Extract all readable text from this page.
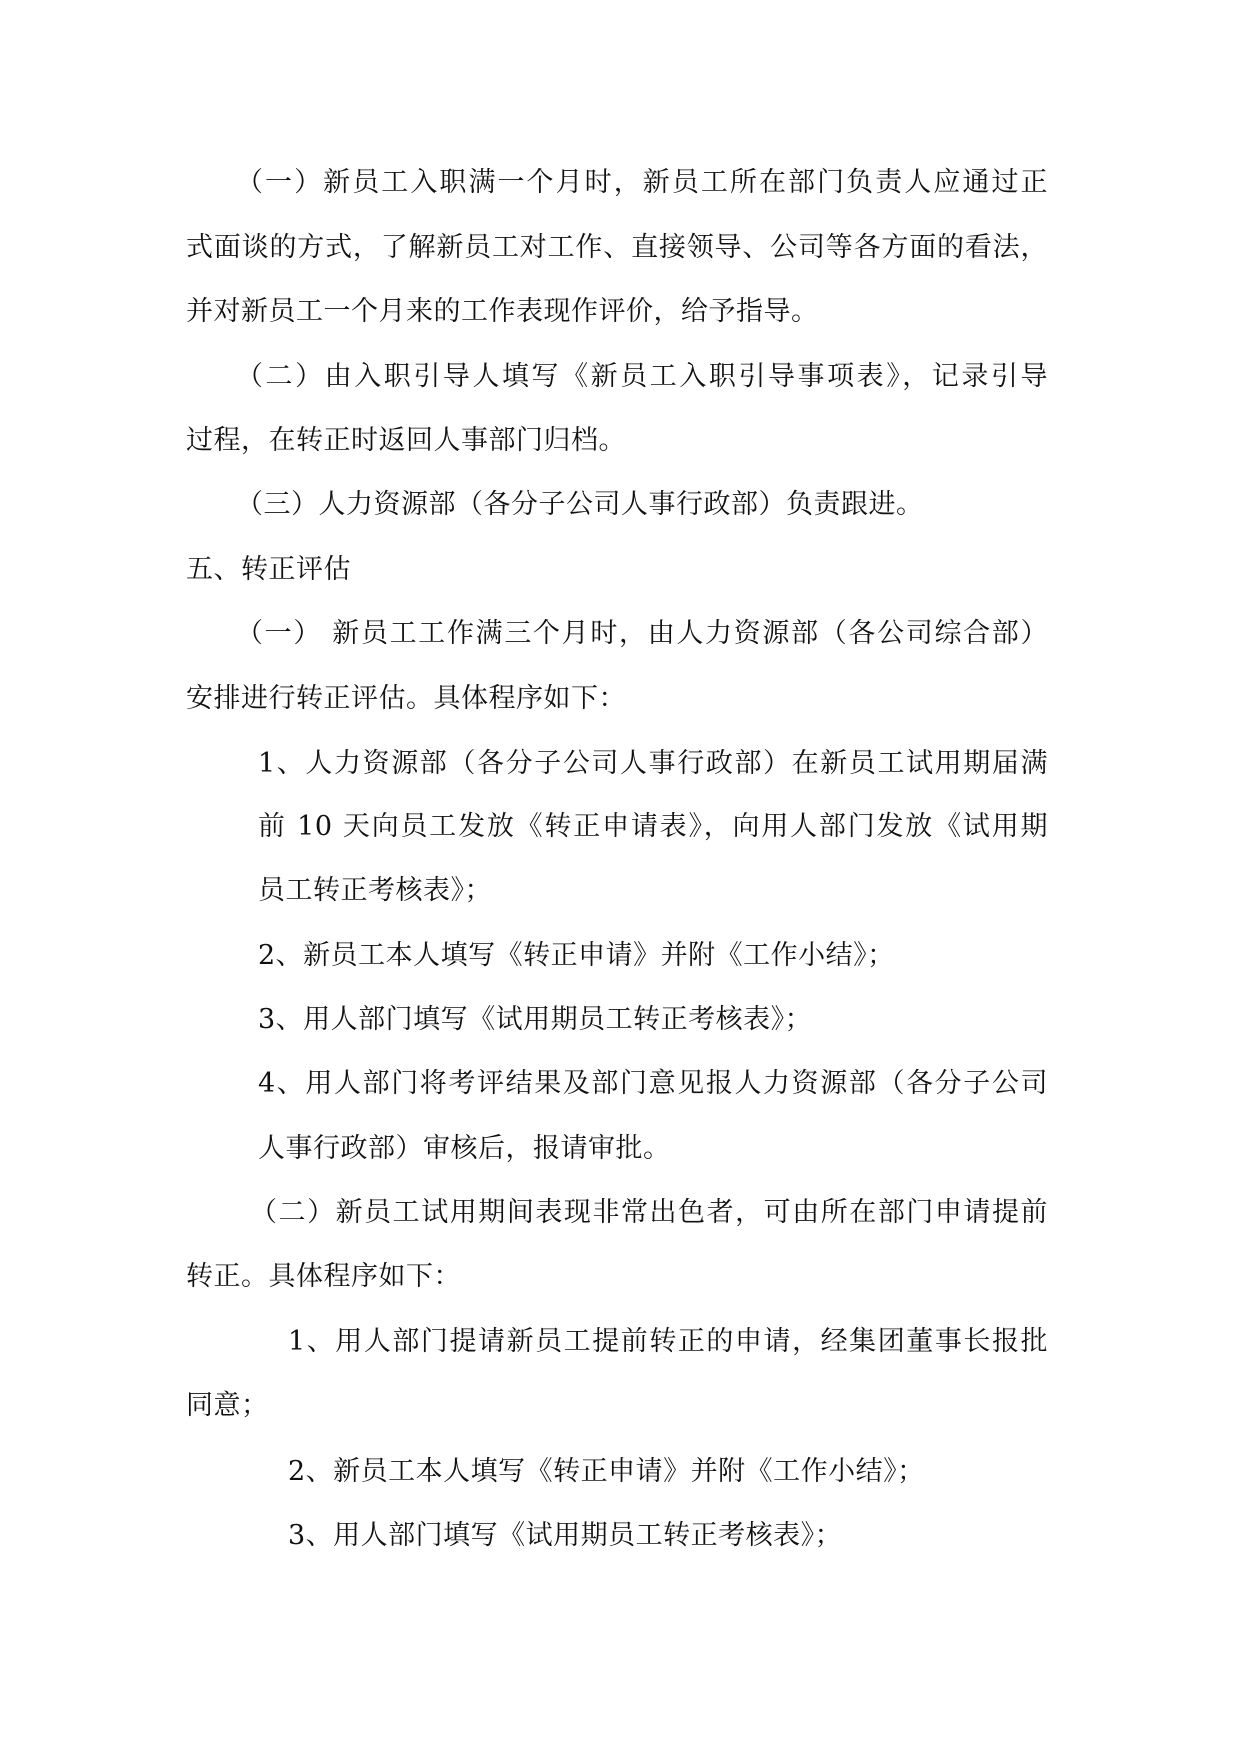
（一）新员工入职满一个月时，新员工所在部门负责人应通过正
式面谈的方式，了解新员工对工作、直接领导、公司等各方面的看法，
并对新员工一个月来的工作表现作评价，给予指导。
（二）由入职引导人填写《新员工入职引导事项表》，记录引导
过程，在转正时返回人事部门归档。
（三）人力资源部（各分子公司人事行政部）负责跟进。
五、转正评估
（一） 新员工工作满三个月时，由人力资源部（各公司综合部）
安排进行转正评估。具体程序如下：
1、人力资源部（各分子公司人事行政部）在新员工试用期届满
前 10 天向员工发放《转正申请表》，向用人部门发放《试用期
员工转正考核表》；
2、新员工本人填写《转正申请》并附《工作小结》；
3、用人部门填写《试用期员工转正考核表》；
4、用人部门将考评结果及部门意见报人力资源部（各分子公司
人事行政部）审核后，报请审批。
（二）新员工试用期间表现非常出色者，可由所在部门申请提前
转正。具体程序如下：
1、用人部门提请新员工提前转正的申请，经集团董事长报批
同意；
2、新员工本人填写《转正申请》并附《工作小结》；
3、用人部门填写《试用期员工转正考核表》；
